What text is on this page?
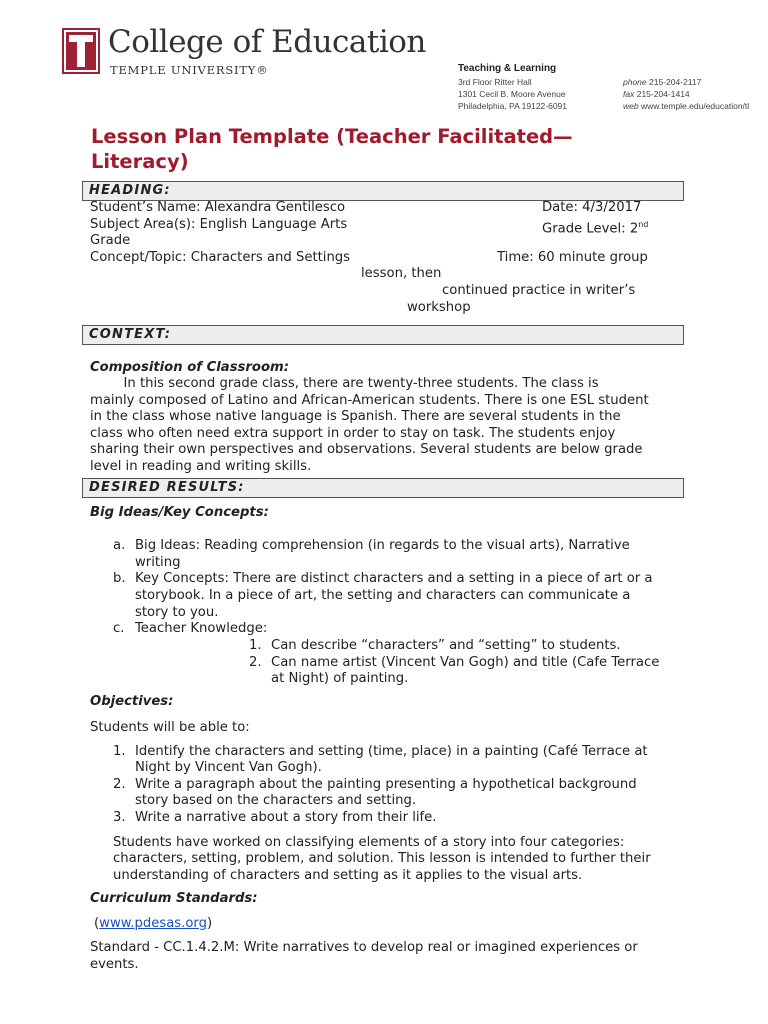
College of Education
TEMPLE UNIVERSITY®	Teaching & Learning
3rd Floor Ritter Hall
1301 Cecil B. Moore Avenue
Philadelphia, PA 19122-6091
phone 215-204-2117
fax 215-204-1414
web www.temple.edu/education/tl
Lesson Plan Template (Teacher Facilitated—
Literacy)
HEADING:
Student’s Name: Alexandra Gentilesco	Date: 4/3/2017
Subject Area(s): English Language Arts	Grade Level: 2nd
Grade
Concept/Topic: Characters and Settings	Time: 60 minute group
lesson, then
continued practice in writer’s
workshop
CONTEXT:
Composition of Classroom:
In this second grade class, there are twenty-three students. The class is
mainly composed of Latino and African-American students. There is one ESL student
in the class whose native language is Spanish. There are several students in the
class who often need extra support in order to stay on task. The students enjoy
sharing their own perspectives and observations. Several students are below grade
level in reading and writing skills.
DESIRED RESULTS:
Big Ideas/Key Concepts:
a. Big Ideas: Reading comprehension (in regards to the visual arts), Narrative
writing
b. Key Concepts: There are distinct characters and a setting in a piece of art or a
storybook. In a piece of art, the setting and characters can communicate a
story to you.
c. Teacher Knowledge:
1. Can describe “characters” and “setting” to students.
2. Can name artist (Vincent Van Gogh) and title (Cafe Terrace
at Night) of painting.
Objectives:
Students will be able to:
1. Identify the characters and setting (time, place) in a painting (Café Terrace at
Night by Vincent Van Gogh).
2. Write a paragraph about the painting presenting a hypothetical background
story based on the characters and setting.
3. Write a narrative about a story from their life.
Students have worked on classifying elements of a story into four categories:
characters, setting, problem, and solution. This lesson is intended to further their
understanding of characters and setting as it applies to the visual arts.
Curriculum Standards:
(www.pdesas.org)
Standard - CC.1.4.2.M: Write narratives to develop real or imagined experiences or
events.
